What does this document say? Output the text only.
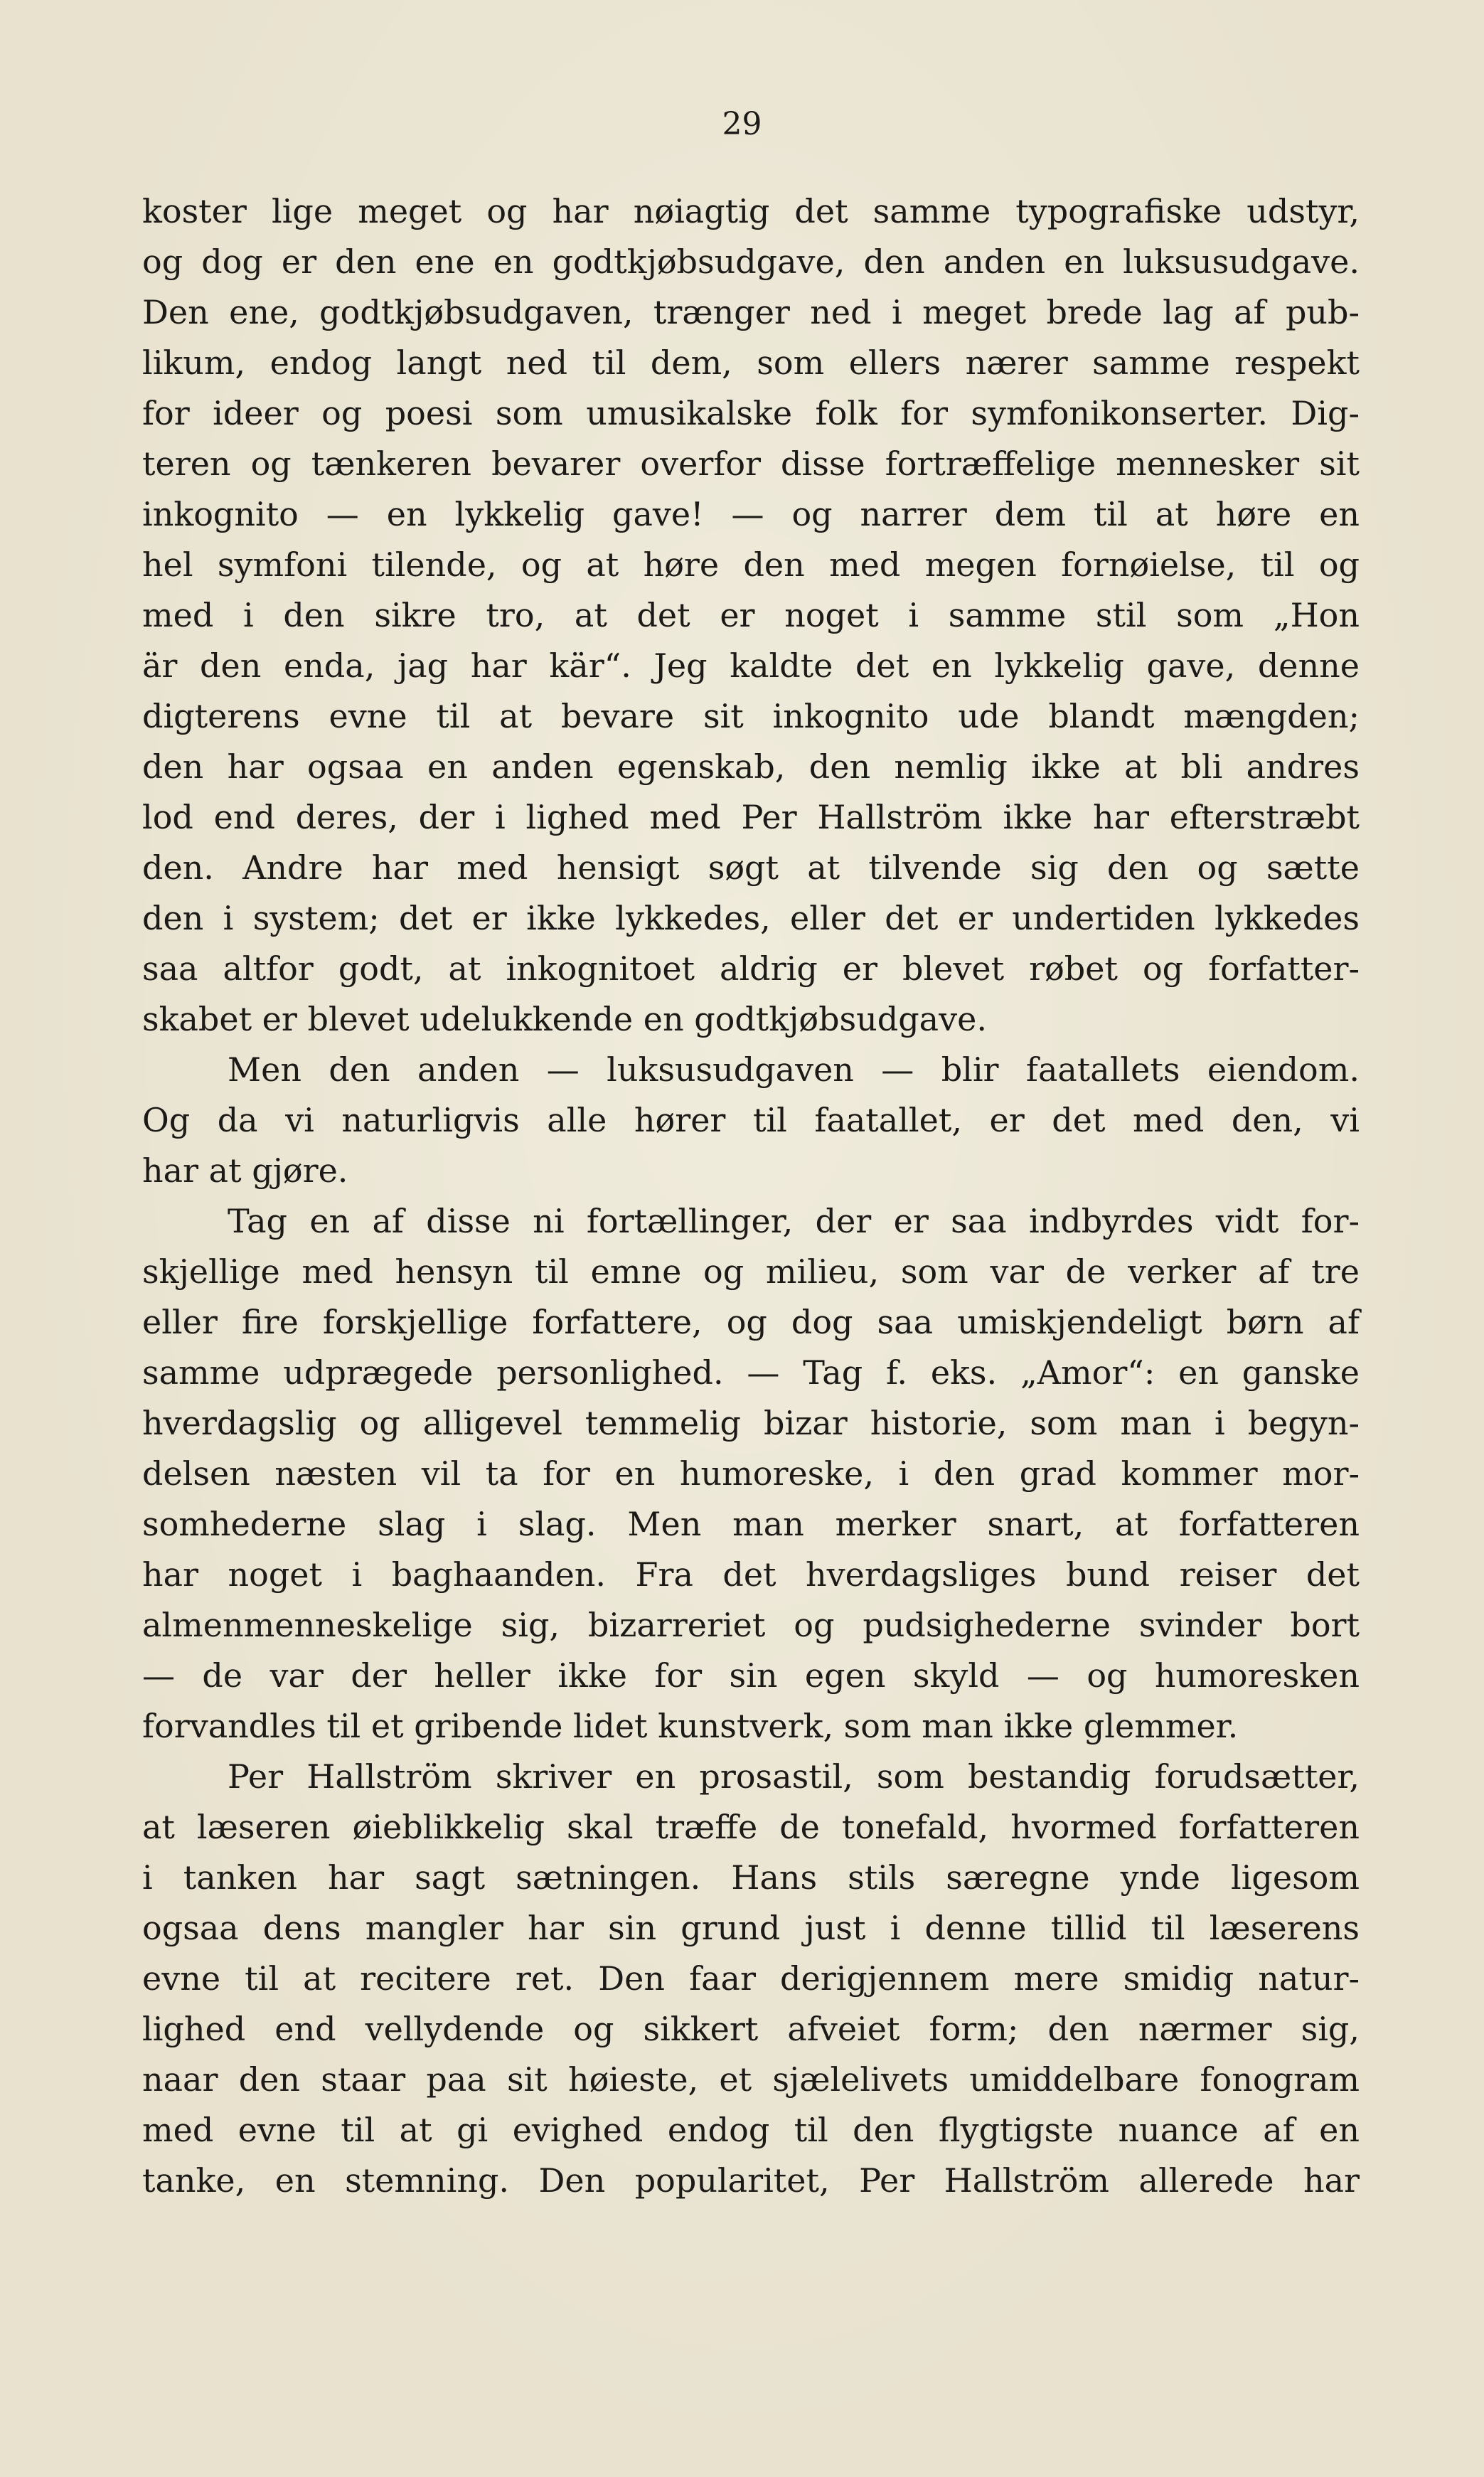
29
koster lige meget og har nøiagtig det samme typografiske udstyr,
og dog er den ene en godtkjøbsudgave, den anden en luksusudgave.
Den ene, godtkjøbsudgaven, trænger ned i meget brede lag af pub-
likum, endog langt ned til dem, som ellers nærer samme respekt
for ideer og poesi som umusikalske folk for symfonikonserter. Dig-
teren og tænkeren bevarer overfor disse fortræffelige mennesker sit
inkognito — en lykkelig gave! — og narrer dem til at høre en
hel symfoni tilende, og at høre den med megen fornøielse, til og
med i den sikre tro, at det er noget i samme stil som „Hon
är den enda, jag har kär“. Jeg kaldte det en lykkelig gave, denne
digterens evne til at bevare sit inkognito ude blandt mængden;
den har ogsaa en anden egenskab, den nemlig ikke at bli andres
lod end deres, der i lighed med Per Hallström ikke har efterstræbt
den. Andre har med hensigt søgt at tilvende sig den og sætte
den i system; det er ikke lykkedes, eller det er undertiden lykkedes
saa altfor godt, at inkognitoet aldrig er blevet røbet og forfatter-
skabet er blevet udelukkende en godtkjøbsudgave.
Men den anden — luksusudgaven — blir faatallets eiendom.
Og da vi naturligvis alle hører til faatallet, er det med den, vi
har at gjøre.
Tag en af disse ni fortællinger, der er saa indbyrdes vidt for-
skjellige med hensyn til emne og milieu, som var de verker af tre
eller fire forskjellige forfattere, og dog saa umiskjendeligt børn af
samme udprægede personlighed. — Tag f. eks. „Amor“: en ganske
hverdagslig og alligevel temmelig bizar historie, som man i begyn-
delsen næsten vil ta for en humoreske, i den grad kommer mor-
somhederne slag i slag. Men man merker snart, at forfatteren
har noget i baghaanden. Fra det hverdagsliges bund reiser det
almenmenneskelige sig, bizarreriet og pudsighederne svinder bort
— de var der heller ikke for sin egen skyld — og humoresken
forvandles til et gribende lidet kunstverk, som man ikke glemmer.
Per Hallström skriver en prosastil, som bestandig forudsætter,
at læseren øieblikkelig skal træffe de tonefald, hvormed forfatteren
i tanken har sagt sætningen. Hans stils særegne ynde ligesom
ogsaa dens mangler har sin grund just i denne tillid til læserens
evne til at recitere ret. Den faar derigjennem mere smidig natur-
lighed end vellydende og sikkert afveiet form; den nærmer sig,
naar den staar paa sit høieste, et sjælelivets umiddelbare fonogram
med evne til at gi evighed endog til den flygtigste nuance af en
tanke, en stemning. Den popularitet, Per Hallström allerede har
